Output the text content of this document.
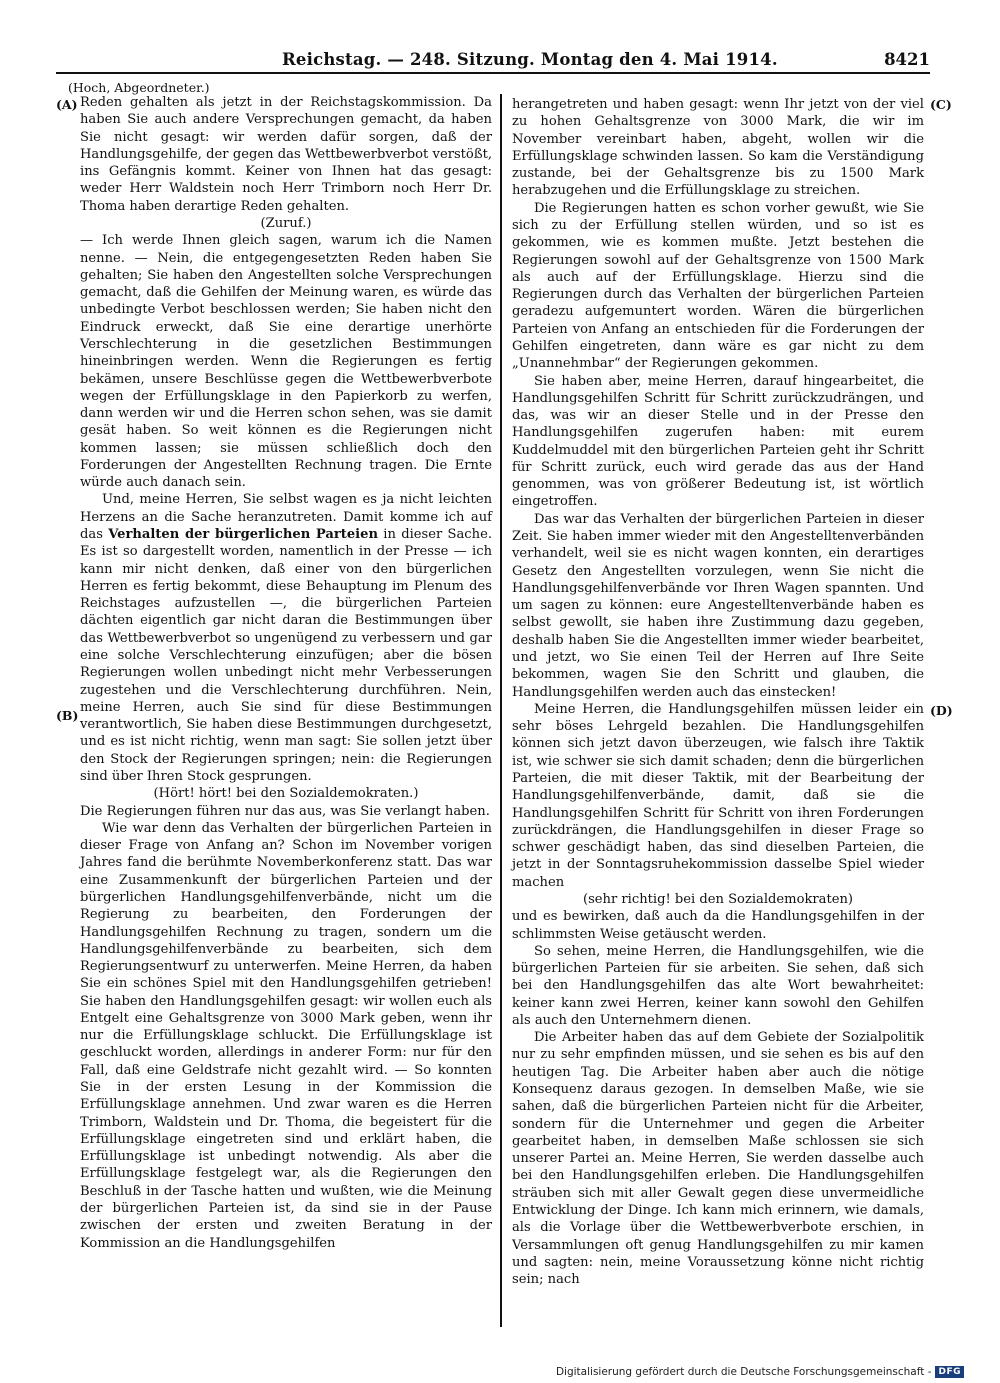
Reichstag. — 248. Sitzung. Montag den 4. Mai 1914.	8421
(Hoch, Abgeordneter.)
(A)
(B)
(C)
(D)

Reden gehalten als jetzt in der Reichstagskommission. Da haben Sie auch andere Versprechungen gemacht, da haben Sie nicht gesagt: wir werden dafür sorgen, daß der Handlungsgehilfe, der gegen das Wettbewerbverbot verstößt, ins Gefängnis kommt. Keiner von Ihnen hat das gesagt: weder Herr Waldstein noch Herr Trimborn noch Herr Dr. Thoma haben derartige Reden gehalten.

(Zuruf.)

— Ich werde Ihnen gleich sagen, warum ich die Namen nenne. — Nein, die entgegengesetzten Reden haben Sie gehalten; Sie haben den Angestellten solche Versprechungen gemacht, daß die Gehilfen der Meinung waren, es würde das unbedingte Verbot beschlossen werden; Sie haben nicht den Eindruck erweckt, daß Sie eine derartige unerhörte Verschlechterung in die gesetzlichen Bestimmungen hineinbringen werden. Wenn die Regierungen es fertig bekämen, unsere Beschlüsse gegen die Wettbewerbverbote wegen der Erfüllungsklage in den Papierkorb zu werfen, dann werden wir und die Herren schon sehen, was sie damit gesät haben. So weit können es die Regierungen nicht kommen lassen; sie müssen schließlich doch den Forderungen der Angestellten Rechnung tragen. Die Ernte würde auch danach sein.

Und, meine Herren, Sie selbst wagen es ja nicht leichten Herzens an die Sache heranzutreten. Damit komme ich auf das Verhalten der bürgerlichen Parteien in dieser Sache. Es ist so dargestellt worden, namentlich in der Presse — ich kann mir nicht denken, daß einer von den bürgerlichen Herren es fertig bekommt, diese Behauptung im Plenum des Reichstages aufzustellen —, die bürgerlichen Parteien dächten eigentlich gar nicht daran die Bestimmungen über das Wettbewerbverbot so ungenügend zu verbessern und gar eine solche Verschlechterung einzufügen; aber die bösen Regierungen wollen unbedingt nicht mehr Verbesserungen zugestehen und die Verschlechterung durchführen. Nein, meine Herren, auch Sie sind für diese Bestimmungen verantwortlich, Sie haben diese Bestimmungen durchgesetzt, und es ist nicht richtig, wenn man sagt: Sie sollen jetzt über den Stock der Regierungen springen; nein: die Regierungen sind über Ihren Stock gesprungen.

(Hört! hört! bei den Sozialdemokraten.)

Die Regierungen führen nur das aus, was Sie verlangt haben.

Wie war denn das Verhalten der bürgerlichen Parteien in dieser Frage von Anfang an? Schon im November vorigen Jahres fand die berühmte Novemberkonferenz statt. Das war eine Zusammenkunft der bürgerlichen Parteien und der bürgerlichen Handlungsgehilfenverbände, nicht um die Regierung zu bearbeiten, den Forderungen der Handlungsgehilfen Rechnung zu tragen, sondern um die Handlungsgehilfenverbände zu bearbeiten, sich dem Regierungsentwurf zu unterwerfen. Meine Herren, da haben Sie ein schönes Spiel mit den Handlungsgehilfen getrieben! Sie haben den Handlungsgehilfen gesagt: wir wollen euch als Entgelt eine Gehaltsgrenze von 3000 Mark geben, wenn ihr nur die Erfüllungsklage schluckt. Die Erfüllungsklage ist geschluckt worden, allerdings in anderer Form: nur für den Fall, daß eine Geldstrafe nicht gezahlt wird. — So konnten Sie in der ersten Lesung in der Kommission die Erfüllungsklage annehmen. Und zwar waren es die Herren Trimborn, Waldstein und Dr. Thoma, die begeistert für die Erfüllungsklage eingetreten sind und erklärt haben, die Erfüllungsklage ist unbedingt notwendig. Als aber die Erfüllungsklage festgelegt war, als die Regierungen den Beschluß in der Tasche hatten und wußten, wie die Meinung der bürgerlichen Parteien ist, da sind sie in der Pause zwischen der ersten und zweiten Beratung in der Kommission an die Handlungsgehilfen

herangetreten und haben gesagt: wenn Ihr jetzt von der viel zu hohen Gehaltsgrenze von 3000 Mark, die wir im November vereinbart haben, abgeht, wollen wir die Erfüllungsklage schwinden lassen. So kam die Verständigung zustande, bei der Gehaltsgrenze bis zu 1500 Mark herabzugehen und die Erfüllungsklage zu streichen.

Die Regierungen hatten es schon vorher gewußt, wie Sie sich zu der Erfüllung stellen würden, und so ist es gekommen, wie es kommen mußte. Jetzt bestehen die Regierungen sowohl auf der Gehaltsgrenze von 1500 Mark als auch auf der Erfüllungsklage. Hierzu sind die Regierungen durch das Verhalten der bürgerlichen Parteien geradezu aufgemuntert worden. Wären die bürgerlichen Parteien von Anfang an entschieden für die Forderungen der Gehilfen eingetreten, dann wäre es gar nicht zu dem „Unannehmbar“ der Regierungen gekommen.

Sie haben aber, meine Herren, darauf hingearbeitet, die Handlungsgehilfen Schritt für Schritt zurückzudrängen, und das, was wir an dieser Stelle und in der Presse den Handlungsgehilfen zugerufen haben: mit eurem Kuddelmuddel mit den bürgerlichen Parteien geht ihr Schritt für Schritt zurück, euch wird gerade das aus der Hand genommen, was von größerer Bedeutung ist, ist wörtlich eingetroffen.

Das war das Verhalten der bürgerlichen Parteien in dieser Zeit. Sie haben immer wieder mit den Angestelltenverbänden verhandelt, weil sie es nicht wagen konnten, ein derartiges Gesetz den Angestellten vorzulegen, wenn Sie nicht die Handlungsgehilfenverbände vor Ihren Wagen spannten. Und um sagen zu können: eure Angestelltenverbände haben es selbst gewollt, sie haben ihre Zustimmung dazu gegeben, deshalb haben Sie die Angestellten immer wieder bearbeitet, und jetzt, wo Sie einen Teil der Herren auf Ihre Seite bekommen, wagen Sie den Schritt und glauben, die Handlungsgehilfen werden auch das einstecken!

Meine Herren, die Handlungsgehilfen müssen leider ein sehr böses Lehrgeld bezahlen. Die Handlungsgehilfen können sich jetzt davon überzeugen, wie falsch ihre Taktik ist, wie schwer sie sich damit schaden; denn die bürgerlichen Parteien, die mit dieser Taktik, mit der Bearbeitung der Handlungsgehilfenverbände, damit, daß sie die Handlungsgehilfen Schritt für Schritt von ihren Forderungen zurückdrängen, die Handlungsgehilfen in dieser Frage so schwer geschädigt haben, das sind dieselben Parteien, die jetzt in der Sonntagsruhekommission dasselbe Spiel wieder machen

(sehr richtig! bei den Sozialdemokraten)

und es bewirken, daß auch da die Handlungsgehilfen in der schlimmsten Weise getäuscht werden.

So sehen, meine Herren, die Handlungsgehilfen, wie die bürgerlichen Parteien für sie arbeiten. Sie sehen, daß sich bei den Handlungsgehilfen das alte Wort bewahrheitet: keiner kann zwei Herren, keiner kann sowohl den Gehilfen als auch den Unternehmern dienen.

Die Arbeiter haben das auf dem Gebiete der Sozialpolitik nur zu sehr empfinden müssen, und sie sehen es bis auf den heutigen Tag. Die Arbeiter haben aber auch die nötige Konsequenz daraus gezogen. In demselben Maße, wie sie sahen, daß die bürgerlichen Parteien nicht für die Arbeiter, sondern für die Unternehmer und gegen die Arbeiter gearbeitet haben, in demselben Maße schlossen sie sich unserer Partei an. Meine Herren, Sie werden dasselbe auch bei den Handlungsgehilfen erleben. Die Handlungsgehilfen sträuben sich mit aller Gewalt gegen diese unvermeidliche Entwicklung der Dinge. Ich kann mich erinnern, wie damals, als die Vorlage über die Wettbewerbverbote erschien, in Versammlungen oft genug Handlungsgehilfen zu mir kamen und sagten: nein, meine Voraussetzung könne nicht richtig sein; nach

Digitalisierung gefördert durch die Deutsche Forschungsgemeinschaft - DFG
